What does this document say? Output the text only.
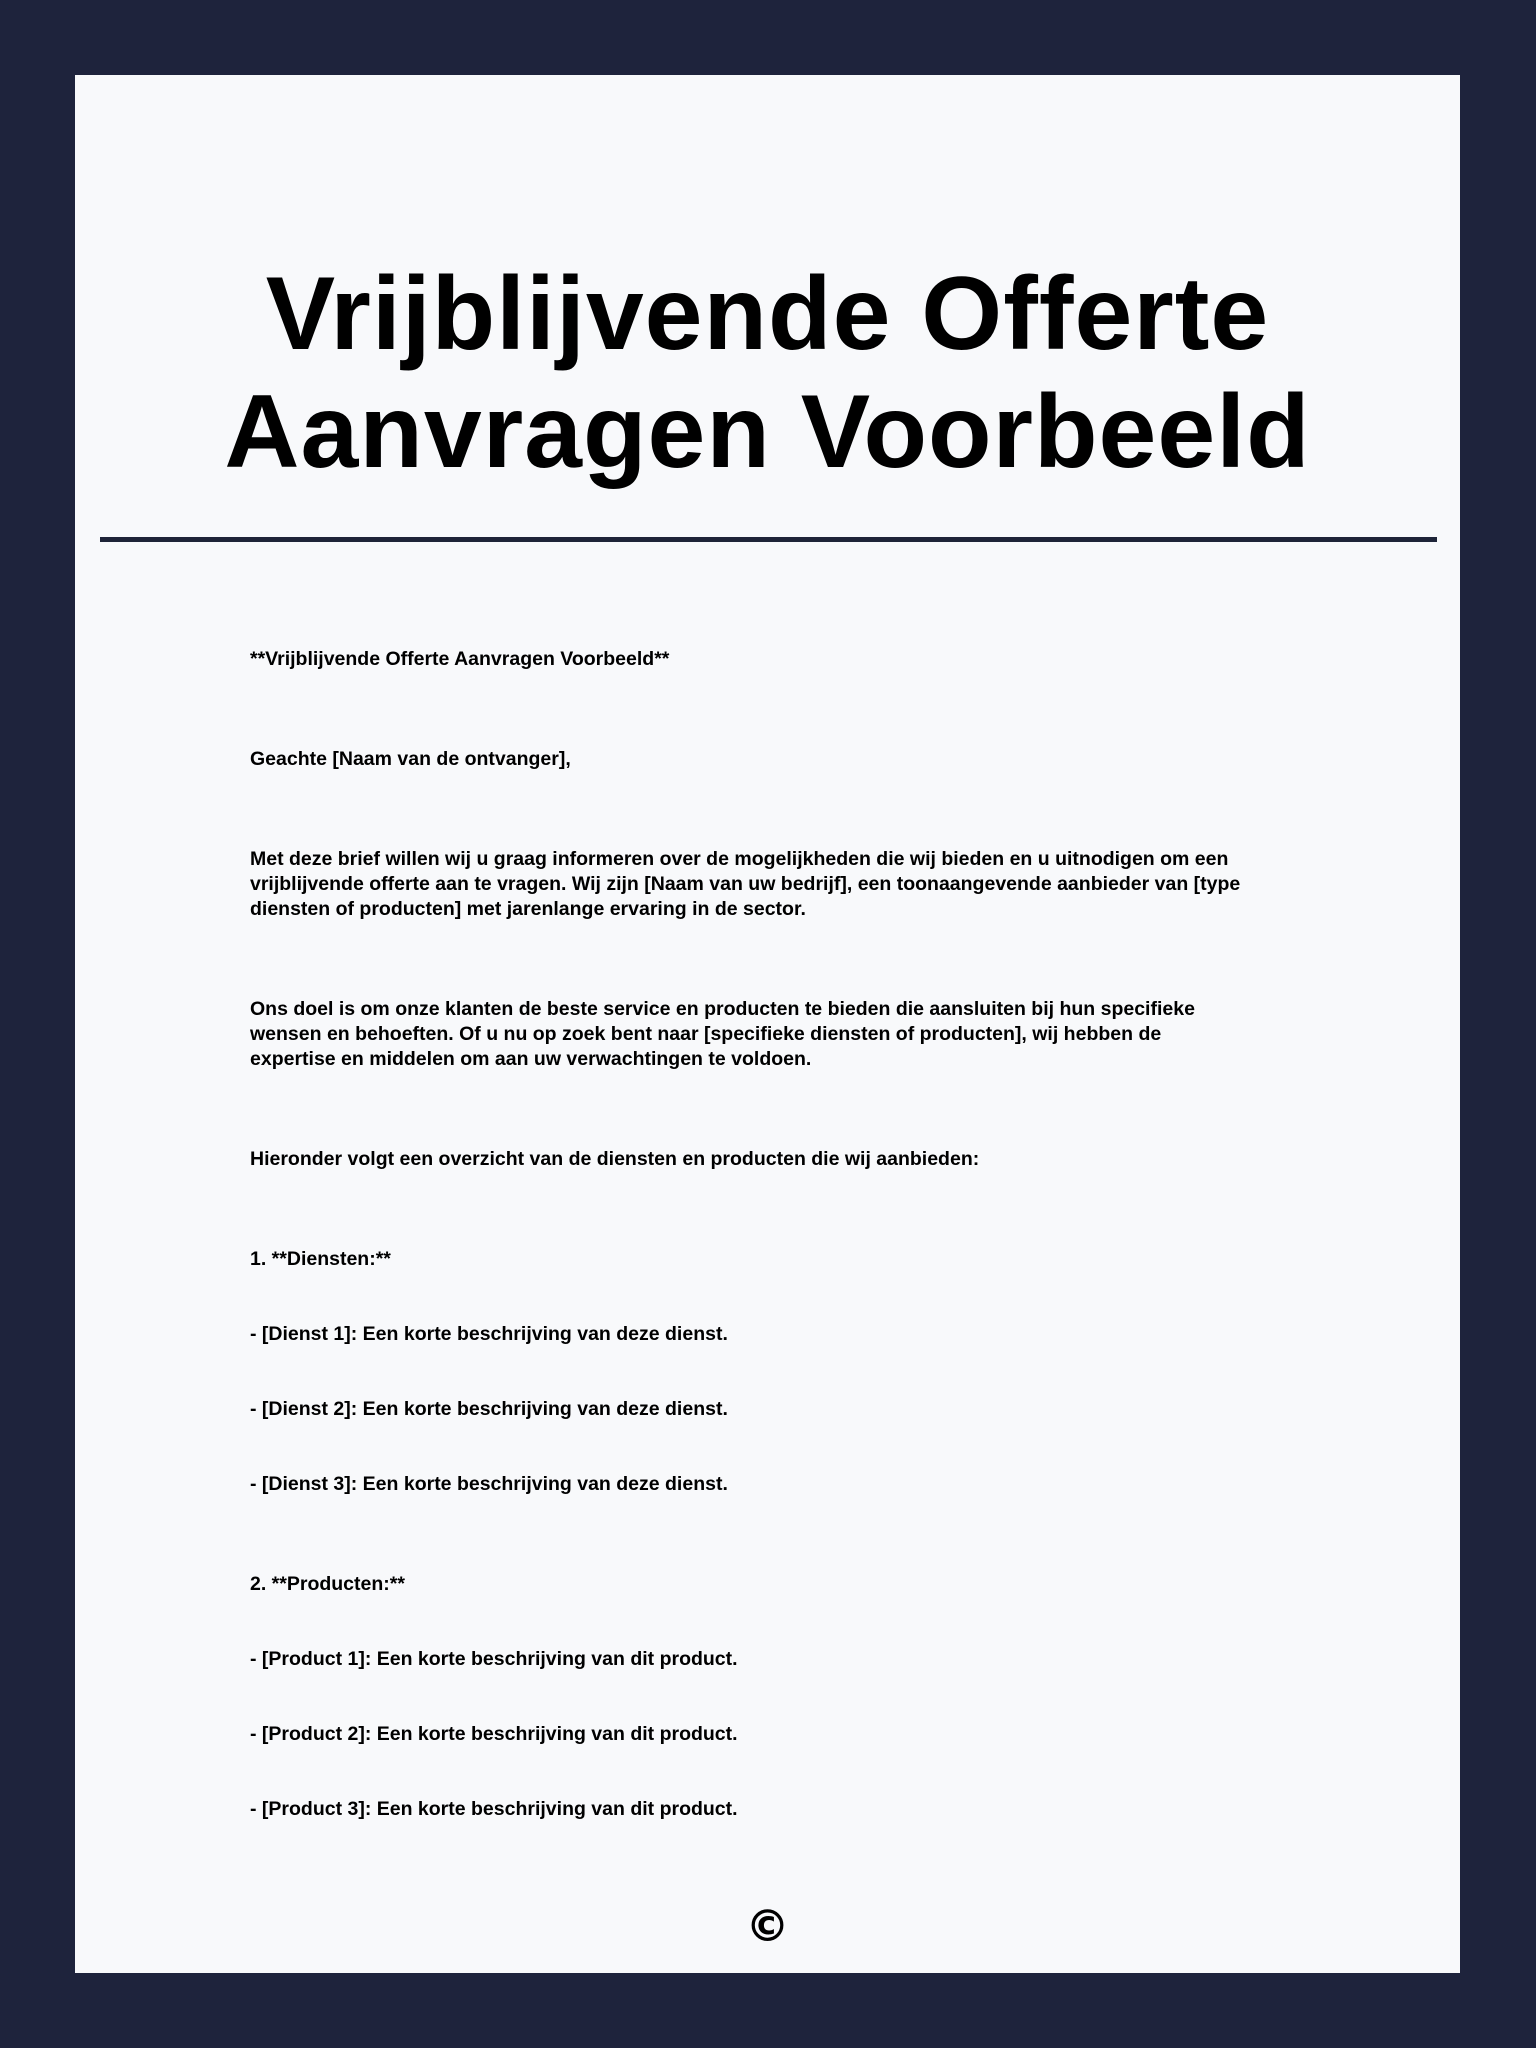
Vrijblijvende Offerte
Aanvragen Voorbeeld

**Vrijblijvende Offerte Aanvragen Voorbeeld**

Geachte [Naam van de ontvanger],

Met deze brief willen wij u graag informeren over de mogelijkheden die wij bieden en u uitnodigen om een
vrijblijvende offerte aan te vragen. Wij zijn [Naam van uw bedrijf], een toonaangevende aanbieder van [type
diensten of producten] met jarenlange ervaring in de sector.

Ons doel is om onze klanten de beste service en producten te bieden die aansluiten bij hun specifieke
wensen en behoeften. Of u nu op zoek bent naar [specifieke diensten of producten], wij hebben de
expertise en middelen om aan uw verwachtingen te voldoen.

Hieronder volgt een overzicht van de diensten en producten die wij aanbieden:

1. **Diensten:**

- [Dienst 1]: Een korte beschrijving van deze dienst.

- [Dienst 2]: Een korte beschrijving van deze dienst.

- [Dienst 3]: Een korte beschrijving van deze dienst.

2. **Producten:**

- [Product 1]: Een korte beschrijving van dit product.

- [Product 2]: Een korte beschrijving van dit product.

- [Product 3]: Een korte beschrijving van dit product.

©
